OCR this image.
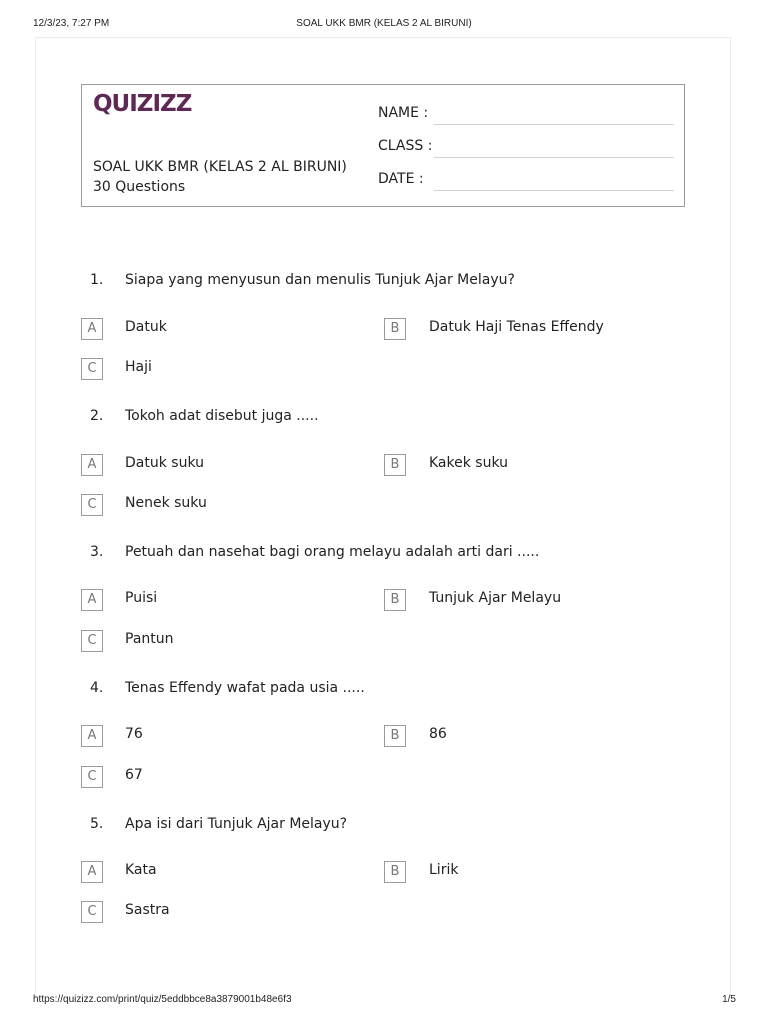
12/3/23, 7:27 PM	SOAL UKK BMR (KELAS 2 AL BIRUNI)
QUIZIZZ
SOAL UKK BMR (KELAS 2 AL BIRUNI)
30 Questions
NAME :
CLASS :
DATE :
1.	Siapa yang menyusun dan menulis Tunjuk Ajar Melayu?
A	Datuk	B	Datuk Haji Tenas Effendy
C	Haji
2.	Tokoh adat disebut juga .....
A	Datuk suku	B	Kakek suku
C	Nenek suku
3.	Petuah dan nasehat bagi orang melayu adalah arti dari .....
A	Puisi	B	Tunjuk Ajar Melayu
C	Pantun
4.	Tenas Effendy wafat pada usia .....
A	76	B	86
C	67
5.	Apa isi dari Tunjuk Ajar Melayu?
A	Kata	B	Lirik
C	Sastra
https://quizizz.com/print/quiz/5eddbbce8a3879001b48e6f3	1/5
